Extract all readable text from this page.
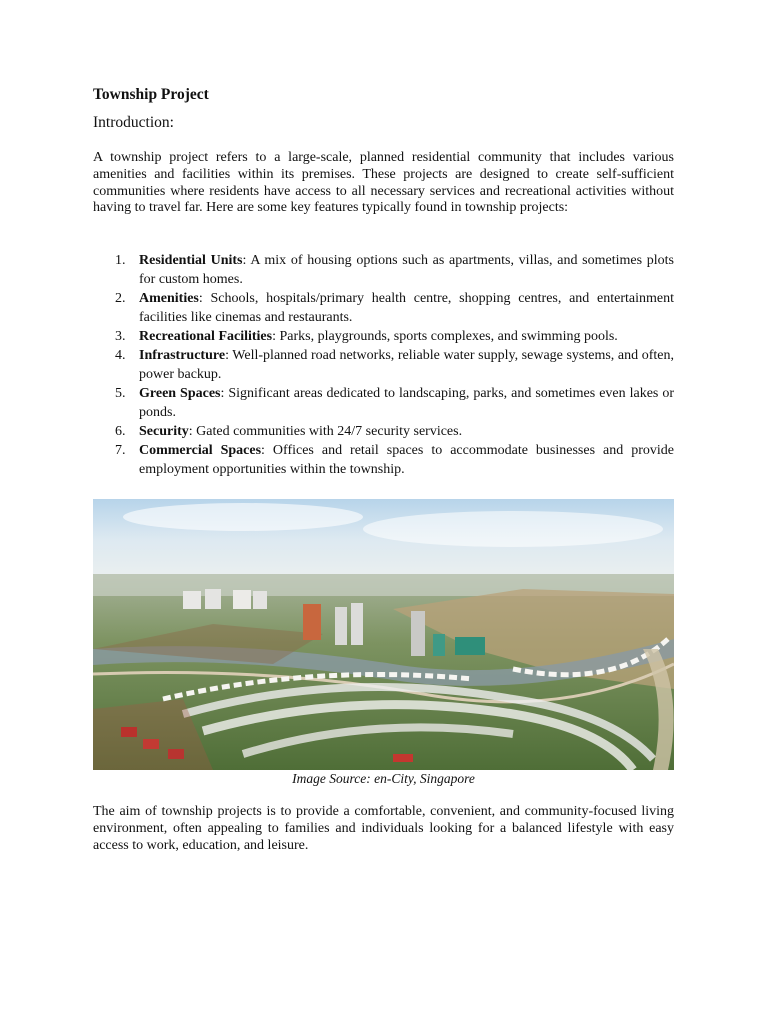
Township Project
Introduction:

A township project refers to a large-scale, planned residential community that includes various amenities and facilities within its premises. These projects are designed to create self-sufficient communities where residents have access to all necessary services and recreational activities without having to travel far. Here are some key features typically found in township projects:

1. Residential Units: A mix of housing options such as apartments, villas, and sometimes plots for custom homes.
2. Amenities: Schools, hospitals/primary health centre, shopping centres, and entertainment facilities like cinemas and restaurants.
3. Recreational Facilities: Parks, playgrounds, sports complexes, and swimming pools.
4. Infrastructure: Well-planned road networks, reliable water supply, sewage systems, and often, power backup.
5. Green Spaces: Significant areas dedicated to landscaping, parks, and sometimes even lakes or ponds.
6. Security: Gated communities with 24/7 security services.
7. Commercial Spaces: Offices and retail spaces to accommodate businesses and provide employment opportunities within the township.
Image Source: en-City, Singapore

The aim of township projects is to provide a comfortable, convenient, and community-focused living environment, often appealing to families and individuals looking for a balanced lifestyle with easy access to work, education, and leisure.
